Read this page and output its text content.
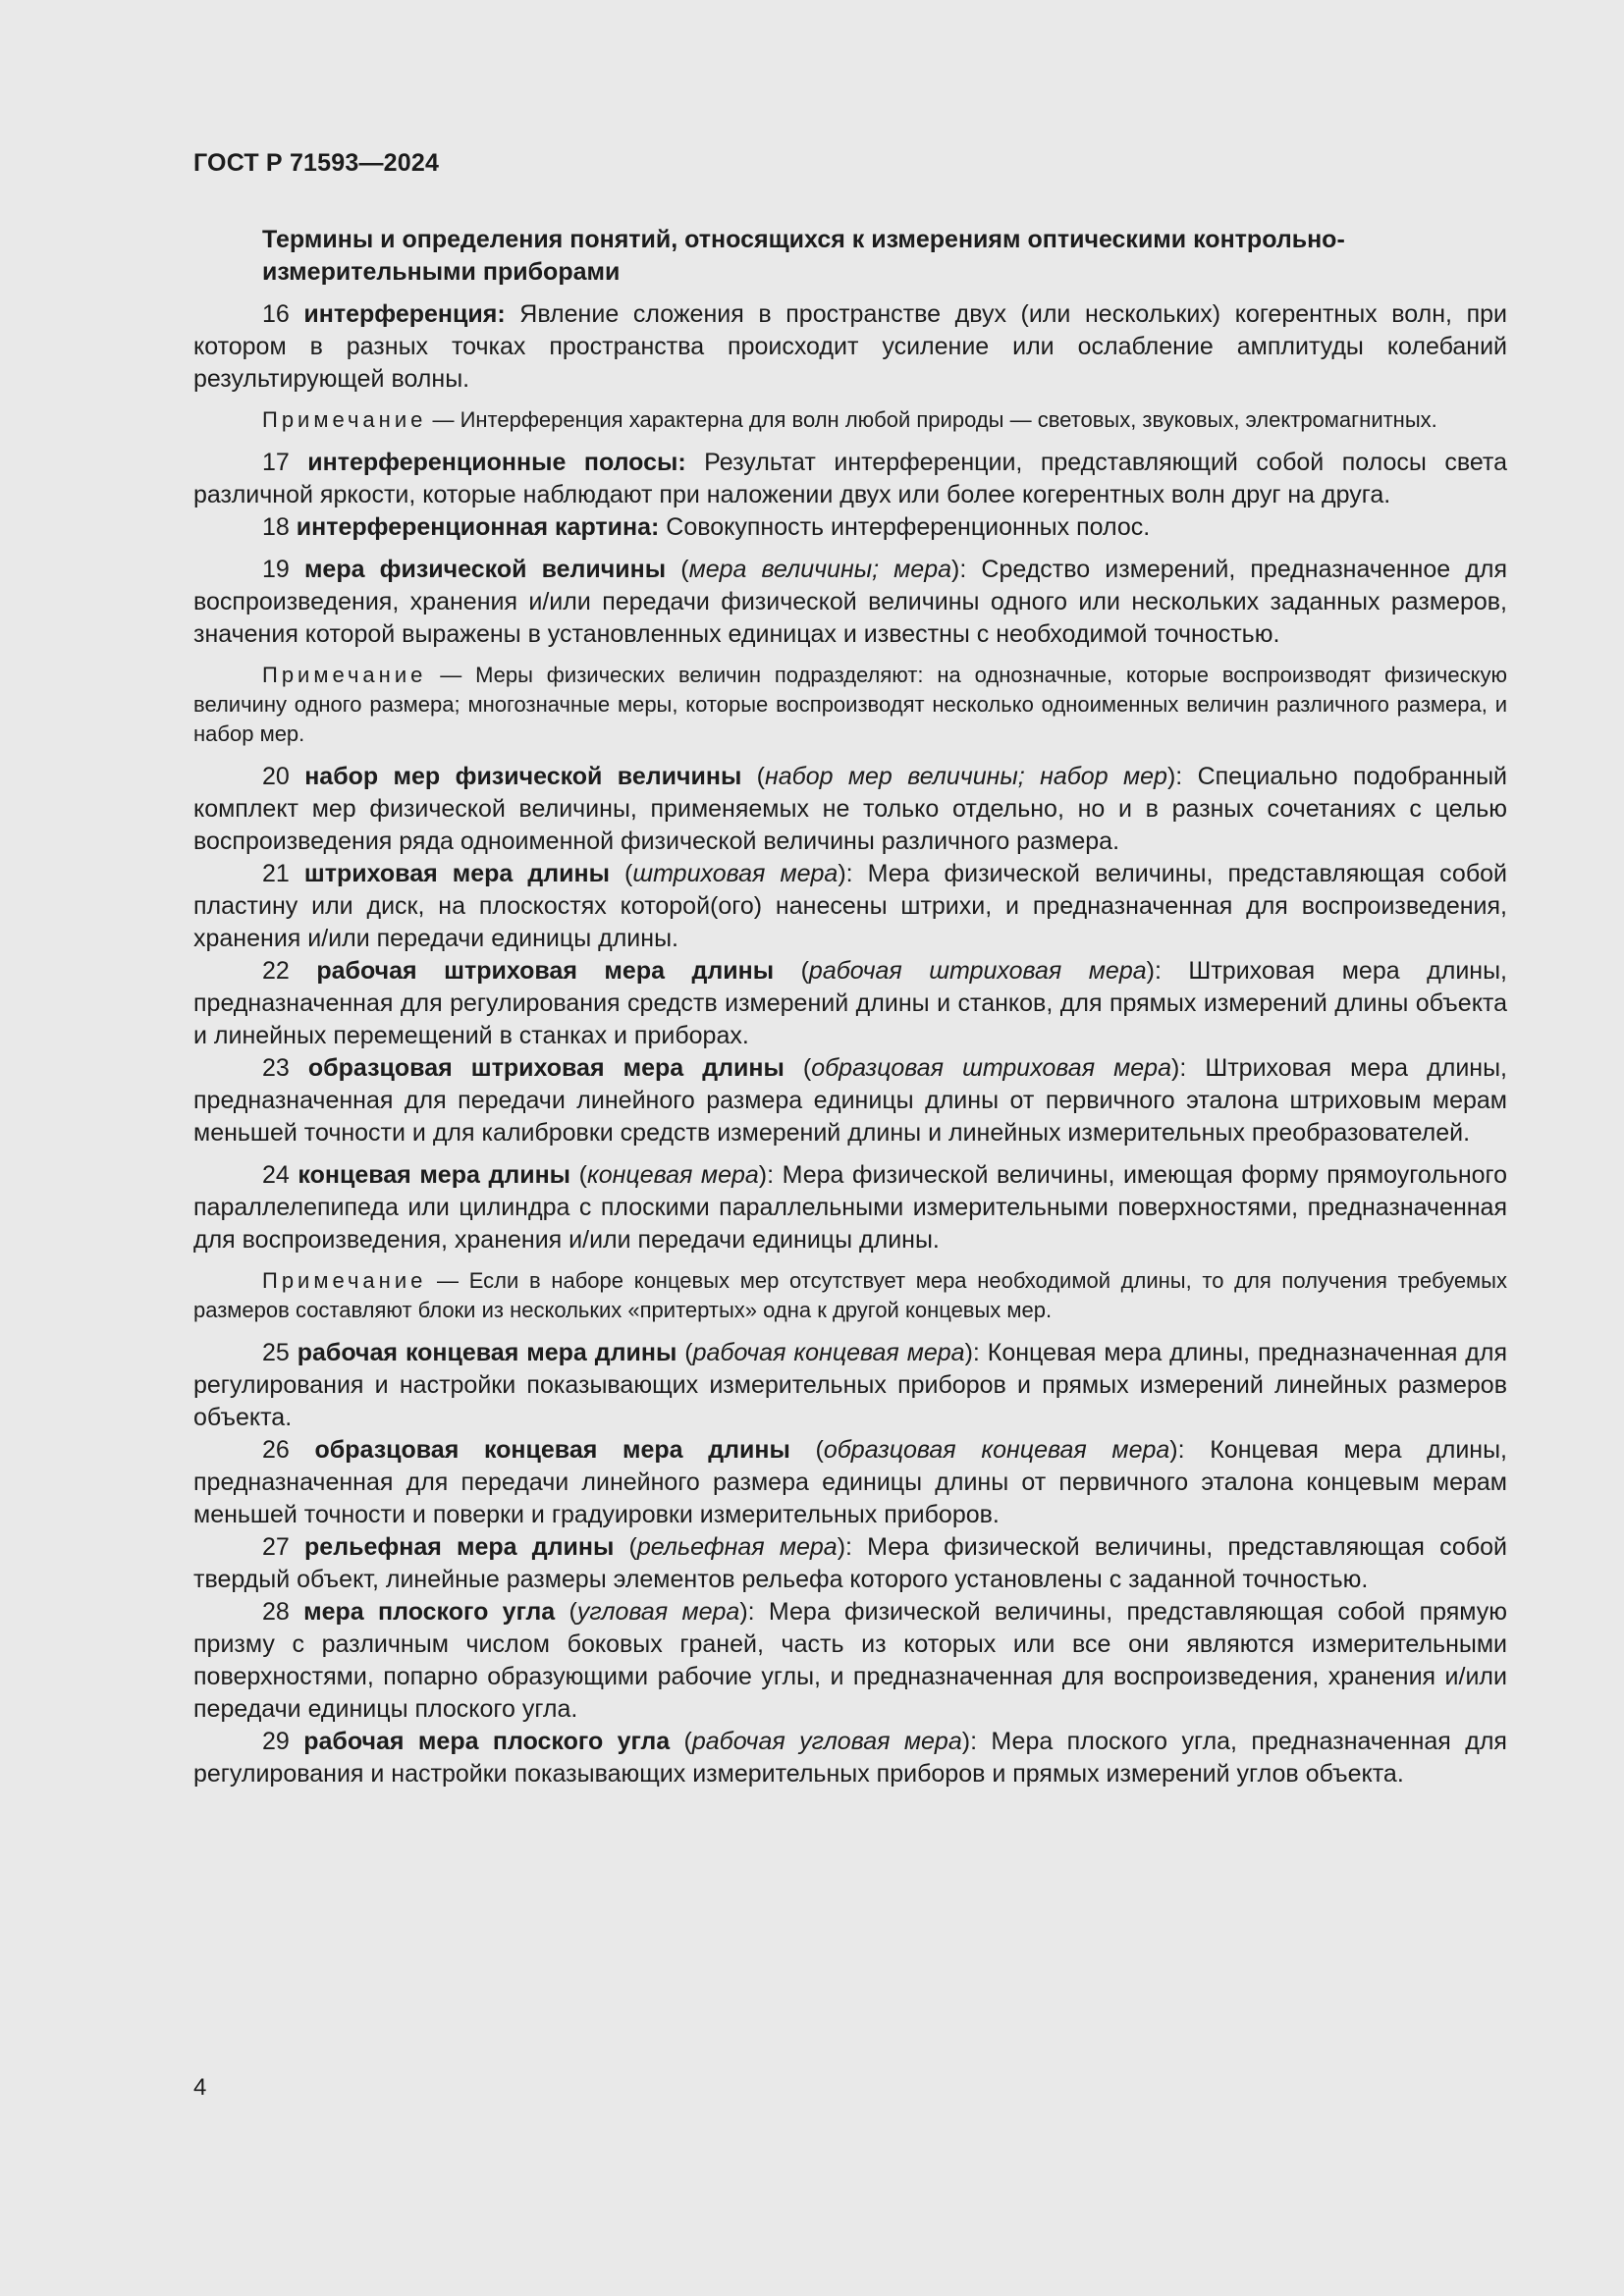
ГОСТ Р 71593—2024
Термины и определения понятий, относящихся к измерениям оптическими контрольно-измерительными приборами
16 интерференция: Явление сложения в пространстве двух (или нескольких) когерентных волн, при котором в разных точках пространства происходит усиление или ослабление амплитуды колебаний результирующей волны.
Примечание — Интерференция характерна для волн любой природы — световых, звуковых, электромагнитных.
17 интерференционные полосы: Результат интерференции, представляющий собой полосы света различной яркости, которые наблюдают при наложении двух или более когерентных волн друг на друга.
18 интерференционная картина: Совокупность интерференционных полос.
19 мера физической величины (мера величины; мера): Средство измерений, предназначенное для воспроизведения, хранения и/или передачи физической величины одного или нескольких заданных размеров, значения которой выражены в установленных единицах и известны с необходимой точностью.
Примечание — Меры физических величин подразделяют: на однозначные, которые воспроизводят физическую величину одного размера; многозначные меры, которые воспроизводят несколько одноименных величин различного размера, и набор мер.
20 набор мер физической величины (набор мер величины; набор мер): Специально подобранный комплект мер физической величины, применяемых не только отдельно, но и в разных сочетаниях с целью воспроизведения ряда одноименной физической величины различного размера.
21 штриховая мера длины (штриховая мера): Мера физической величины, представляющая собой пластину или диск, на плоскостях которой(ого) нанесены штрихи, и предназначенная для воспроизведения, хранения и/или передачи единицы длины.
22 рабочая штриховая мера длины (рабочая штриховая мера): Штриховая мера длины, предназначенная для регулирования средств измерений длины и станков, для прямых измерений длины объекта и линейных перемещений в станках и приборах.
23 образцовая штриховая мера длины (образцовая штриховая мера): Штриховая мера длины, предназначенная для передачи линейного размера единицы длины от первичного эталона штриховым мерам меньшей точности и для калибровки средств измерений длины и линейных измерительных преобразователей.
24 концевая мера длины (концевая мера): Мера физической величины, имеющая форму прямоугольного параллелепипеда или цилиндра с плоскими параллельными измерительными поверхностями, предназначенная для воспроизведения, хранения и/или передачи единицы длины.
Примечание — Если в наборе концевых мер отсутствует мера необходимой длины, то для получения требуемых размеров составляют блоки из нескольких «притертых» одна к другой концевых мер.
25 рабочая концевая мера длины (рабочая концевая мера): Концевая мера длины, предназначенная для регулирования и настройки показывающих измерительных приборов и прямых измерений линейных размеров объекта.
26 образцовая концевая мера длины (образцовая концевая мера): Концевая мера длины, предназначенная для передачи линейного размера единицы длины от первичного эталона концевым мерам меньшей точности и поверки и градуировки измерительных приборов.
27 рельефная мера длины (рельефная мера): Мера физической величины, представляющая собой твердый объект, линейные размеры элементов рельефа которого установлены с заданной точностью.
28 мера плоского угла (угловая мера): Мера физической величины, представляющая собой прямую призму с различным числом боковых граней, часть из которых или все они являются измерительными поверхностями, попарно образующими рабочие углы, и предназначенная для воспроизведения, хранения и/или передачи единицы плоского угла.
29 рабочая мера плоского угла (рабочая угловая мера): Мера плоского угла, предназначенная для регулирования и настройки показывающих измерительных приборов и прямых измерений углов объекта.
4
